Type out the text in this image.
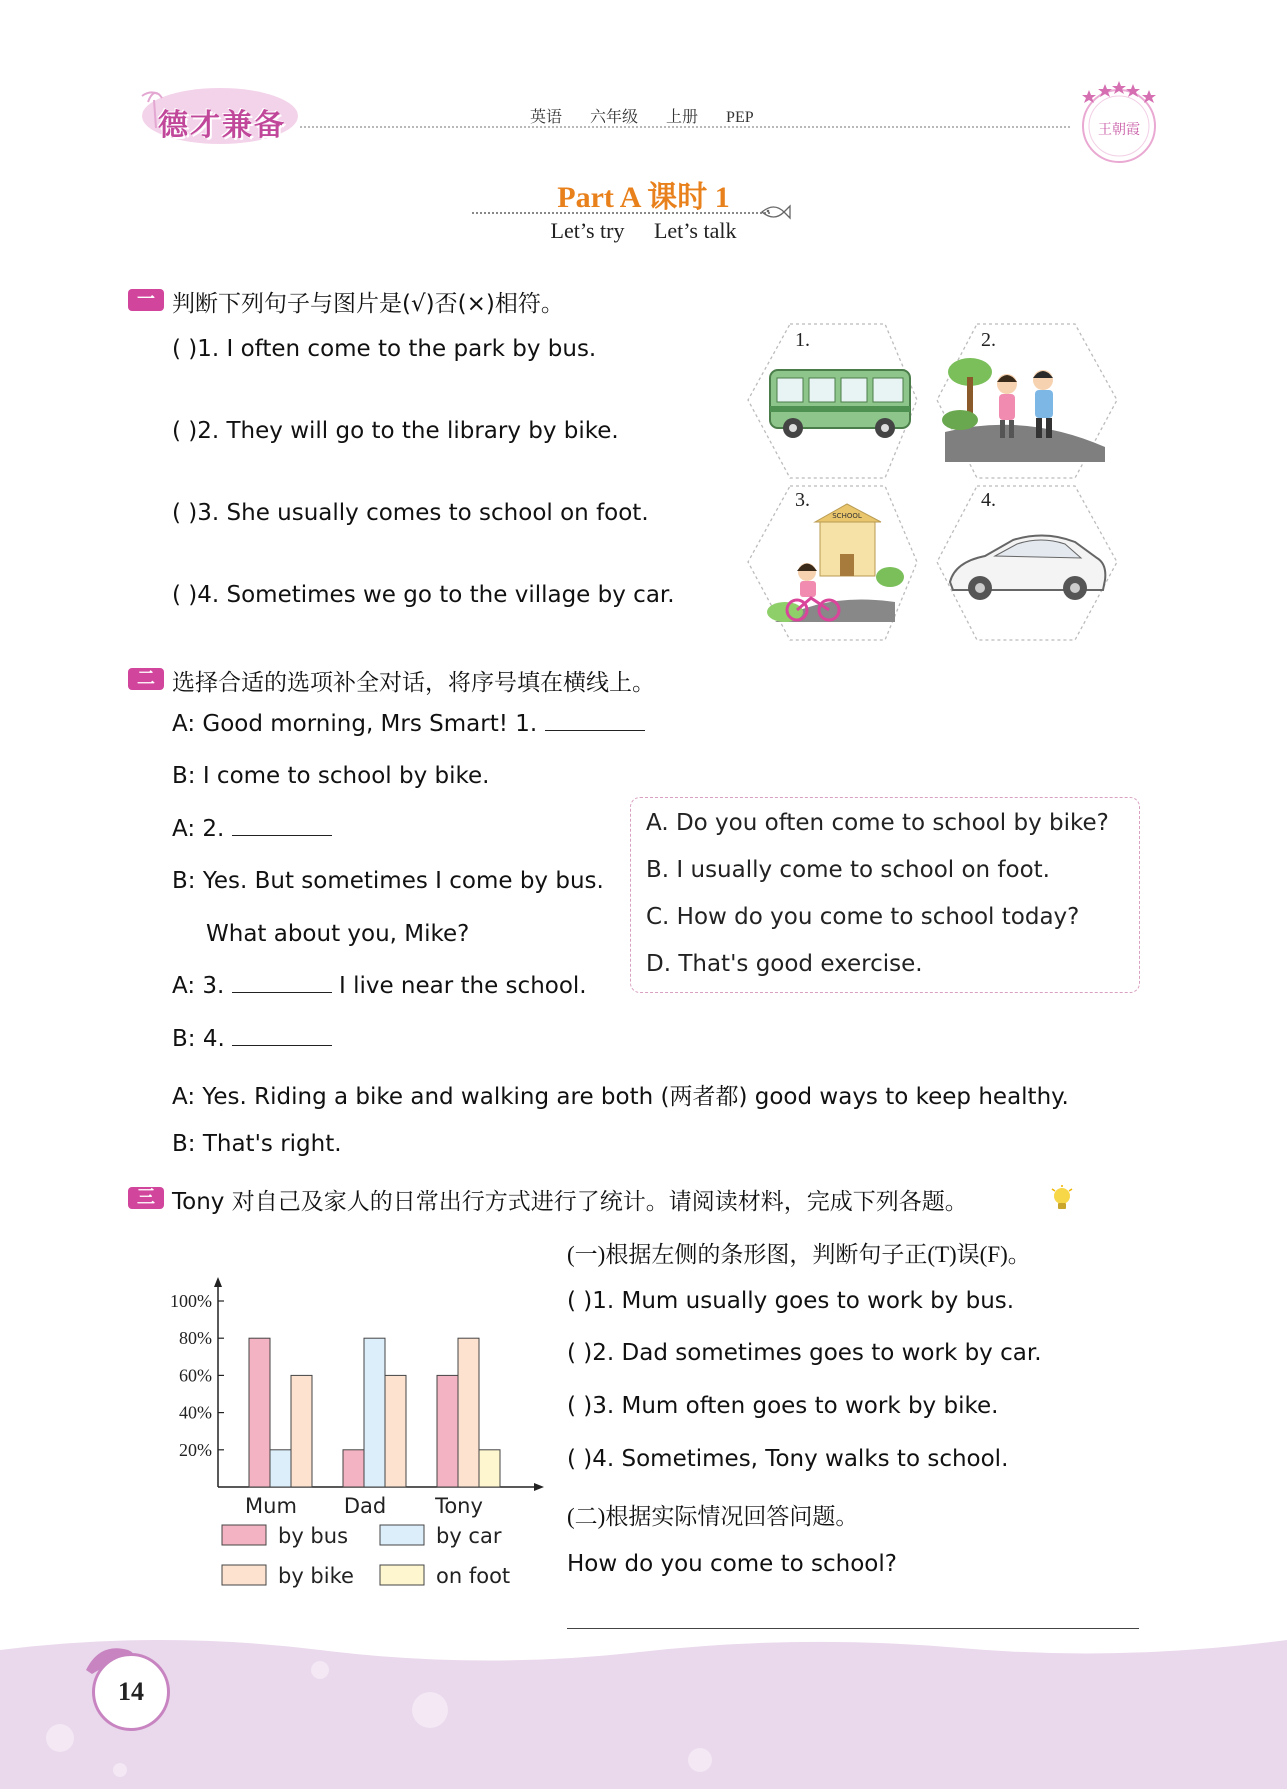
德才兼备	英语 六年级 上册 PEP
王朝霞
Part A 课时 1
Let’s try Let’s talk
一 判断下列句子与图片是(√)否(×)相符。
( )1. I often come to the park by bus.
( )2. They will go to the library by bike.
( )3. She usually comes to school on foot.
( )4. Sometimes we go to the village by car.
SCHOOL
1.	2.
3.	4.
二 选择合适的选项补全对话，将序号填在横线上。
A: Good morning, Mrs Smart! 1.
B: I come to school by bike.
A: 2.
B: Yes. But sometimes I come by bus.
What about you, Mike?
A: 3.	I live near the school.
B: 4.
A: Yes. Riding a bike and walking are both (两者都) good ways to keep healthy.
B: That's right.
A. Do you often come to school by bike?
B. I usually come to school on foot.
C. How do you come to school today?
D. That's good exercise.
三 Tony 对自己及家人的日常出行方式进行了统计。请阅读材料，完成下列各题。
20%
40%
60%
80%
100%
Mum Dad Tony
by bus	by car
by bike	on foot
(一)根据左侧的条形图，判断句子正(T)误(F)。
( )1. Mum usually goes to work by bus.
( )2. Dad sometimes goes to work by car.
( )3. Mum often goes to work by bike.
( )4. Sometimes, Tony walks to school.
(二)根据实际情况回答问题。
How do you come to school?
14
